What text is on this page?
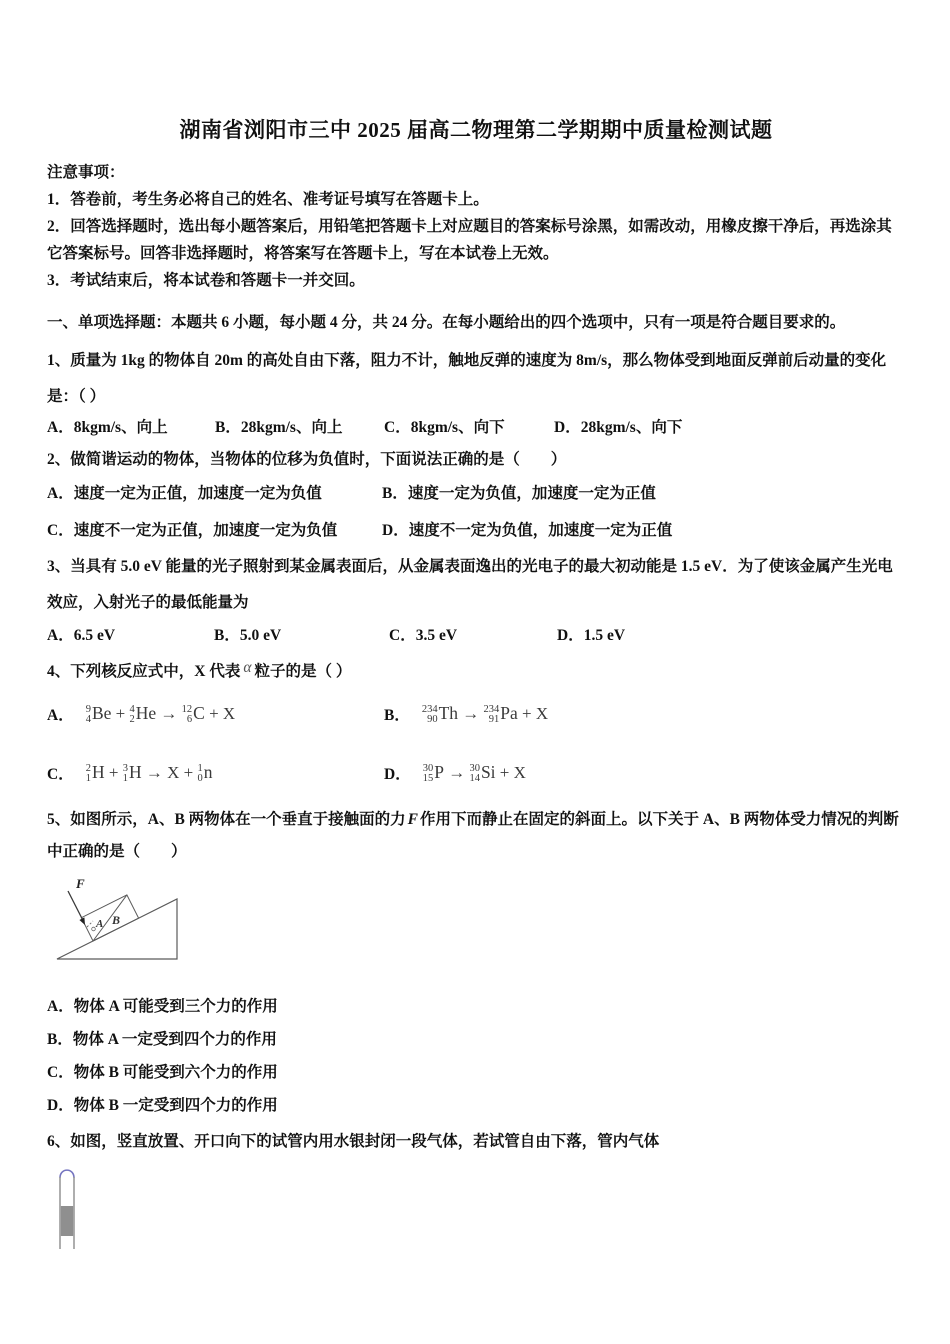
湖南省浏阳市三中 2025 届高二物理第二学期期中质量检测试题

注意事项：

1．答卷前，考生务必将自己的姓名、准考证号填写在答题卡上。

2．回答选择题时，选出每小题答案后，用铅笔把答题卡上对应题目的答案标号涂黑，如需改动，用橡皮擦干净后，再选涂其它答案标号。回答非选择题时，将答案写在答题卡上，写在本试卷上无效。

3．考试结束后，将本试卷和答题卡一并交回。

一、单项选择题：本题共 6 小题，每小题 4 分，共 24 分。在每小题给出的四个选项中，只有一项是符合题目要求的。

1、质量为 1kg 的物体自 20m 的高处自由下落，阻力不计，触地反弹的速度为 8m/s，那么物体受到地面反弹前后动量的变化是：（ ）

A．8kgm/s、向上	B．28kgm/s、向上	C．8kgm/s、向下	D．28kgm/s、向下

2、做简谐运动的物体，当物体的位移为负值时，下面说法正确的是（　　）

A．速度一定为正值，加速度一定为负值	B．速度一定为负值，加速度一定为正值
C．速度不一定为正值，加速度一定为负值	D．速度不一定为负值，加速度一定为正值

3、当具有 5.0 eV 能量的光子照射到某金属表面后，从金属表面逸出的光电子的最大初动能是 1.5 eV．为了使该金属产生光电效应，入射光子的最低能量为

A．6.5 eV	B．5.0 eV	C．3.5 eV	D．1.5 eV

4、下列核反应式中，X 代表 α 粒子的是（ ）

A． 9
4 Be + 4
2 He → 12
6 C + X	B． 234
90 Th → 234
91 Pa + X
C． 2
1 H + 3
1 H → X + 1
0 n	D． 30
15 P → 30
14 Si + X

5、如图所示，A、B 两物体在一个垂直于接触面的力 F 作用下而静止在固定的斜面上。以下关于 A、B 两物体受力情况的判断中正确的是（　　）

F
A B

A．物体 A 可能受到三个力的作用

B．物体 A 一定受到四个力的作用

C．物体 B 可能受到六个力的作用

D．物体 B 一定受到四个力的作用

6、如图，竖直放置、开口向下的试管内用水银封闭一段气体，若试管自由下落，管内气体
